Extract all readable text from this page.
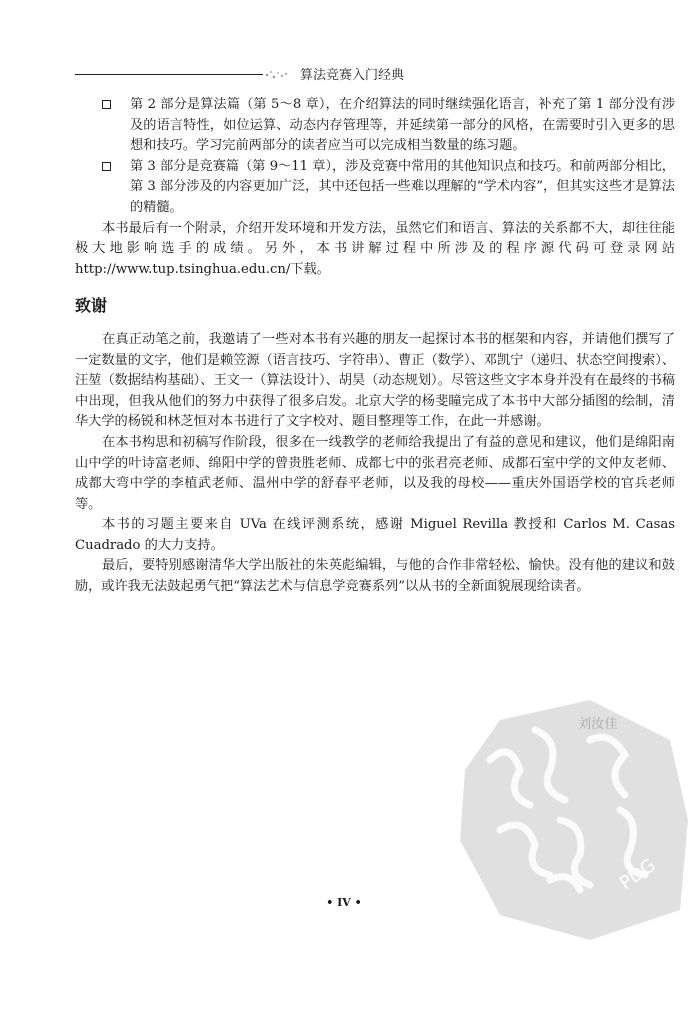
算法竞赛入门经典
第 2 部分是算法篇（第 5～8 章），在介绍算法的同时继续强化语言，补充了第 1 部分没有涉及的语言特性，如位运算、动态内存管理等，并延续第一部分的风格，在需要时引入更多的思想和技巧。学习完前两部分的读者应当可以完成相当数量的练习题。
第 3 部分是竞赛篇（第 9～11 章），涉及竞赛中常用的其他知识点和技巧。和前两部分相比，第 3 部分涉及的内容更加广泛，其中还包括一些难以理解的“学术内容”，但其实这些才是算法的精髓。
本书最后有一个附录，介绍开发环境和开发方法，虽然它们和语言、算法的关系都不大，却往往能极大地影响选手的成绩。另外，本书讲解过程中所涉及的程序源代码可登录网站 http://www.tup.tsinghua.edu.cn/下载。
致谢
在真正动笔之前，我邀请了一些对本书有兴趣的朋友一起探讨本书的框架和内容，并请他们撰写了一定数量的文字，他们是赖笠源（语言技巧、字符串）、曹正（数学）、邓凯宁（递归、状态空间搜索）、汪堃（数据结构基础）、王文一（算法设计）、胡昊（动态规划）。尽管这些文字本身并没有在最终的书稿中出现，但我从他们的努力中获得了很多启发。北京大学的杨斐瞳完成了本书中大部分插图的绘制，清华大学的杨锐和林芝恒对本书进行了文字校对、题目整理等工作，在此一并感谢。
在本书构思和初稿写作阶段，很多在一线教学的老师给我提出了有益的意见和建议，他们是绵阳南山中学的叶诗富老师、绵阳中学的曾贵胜老师、成都七中的张君亮老师、成都石室中学的文仲友老师、成都大弯中学的李植武老师、温州中学的舒春平老师，以及我的母校——重庆外国语学校的官兵老师等。
本书的习题主要来自 UVa 在线评测系统，感谢 Miguel Revilla 教授和 Carlos M. Casas Cuadrado 的大力支持。
最后，要特别感谢清华大学出版社的朱英彪编辑，与他的合作非常轻松、愉快。没有他的建议和鼓励，或许我无法鼓起勇气把“算法艺术与信息学竞赛系列”以从书的全新面貌展现给读者。
PDG
• IV •
